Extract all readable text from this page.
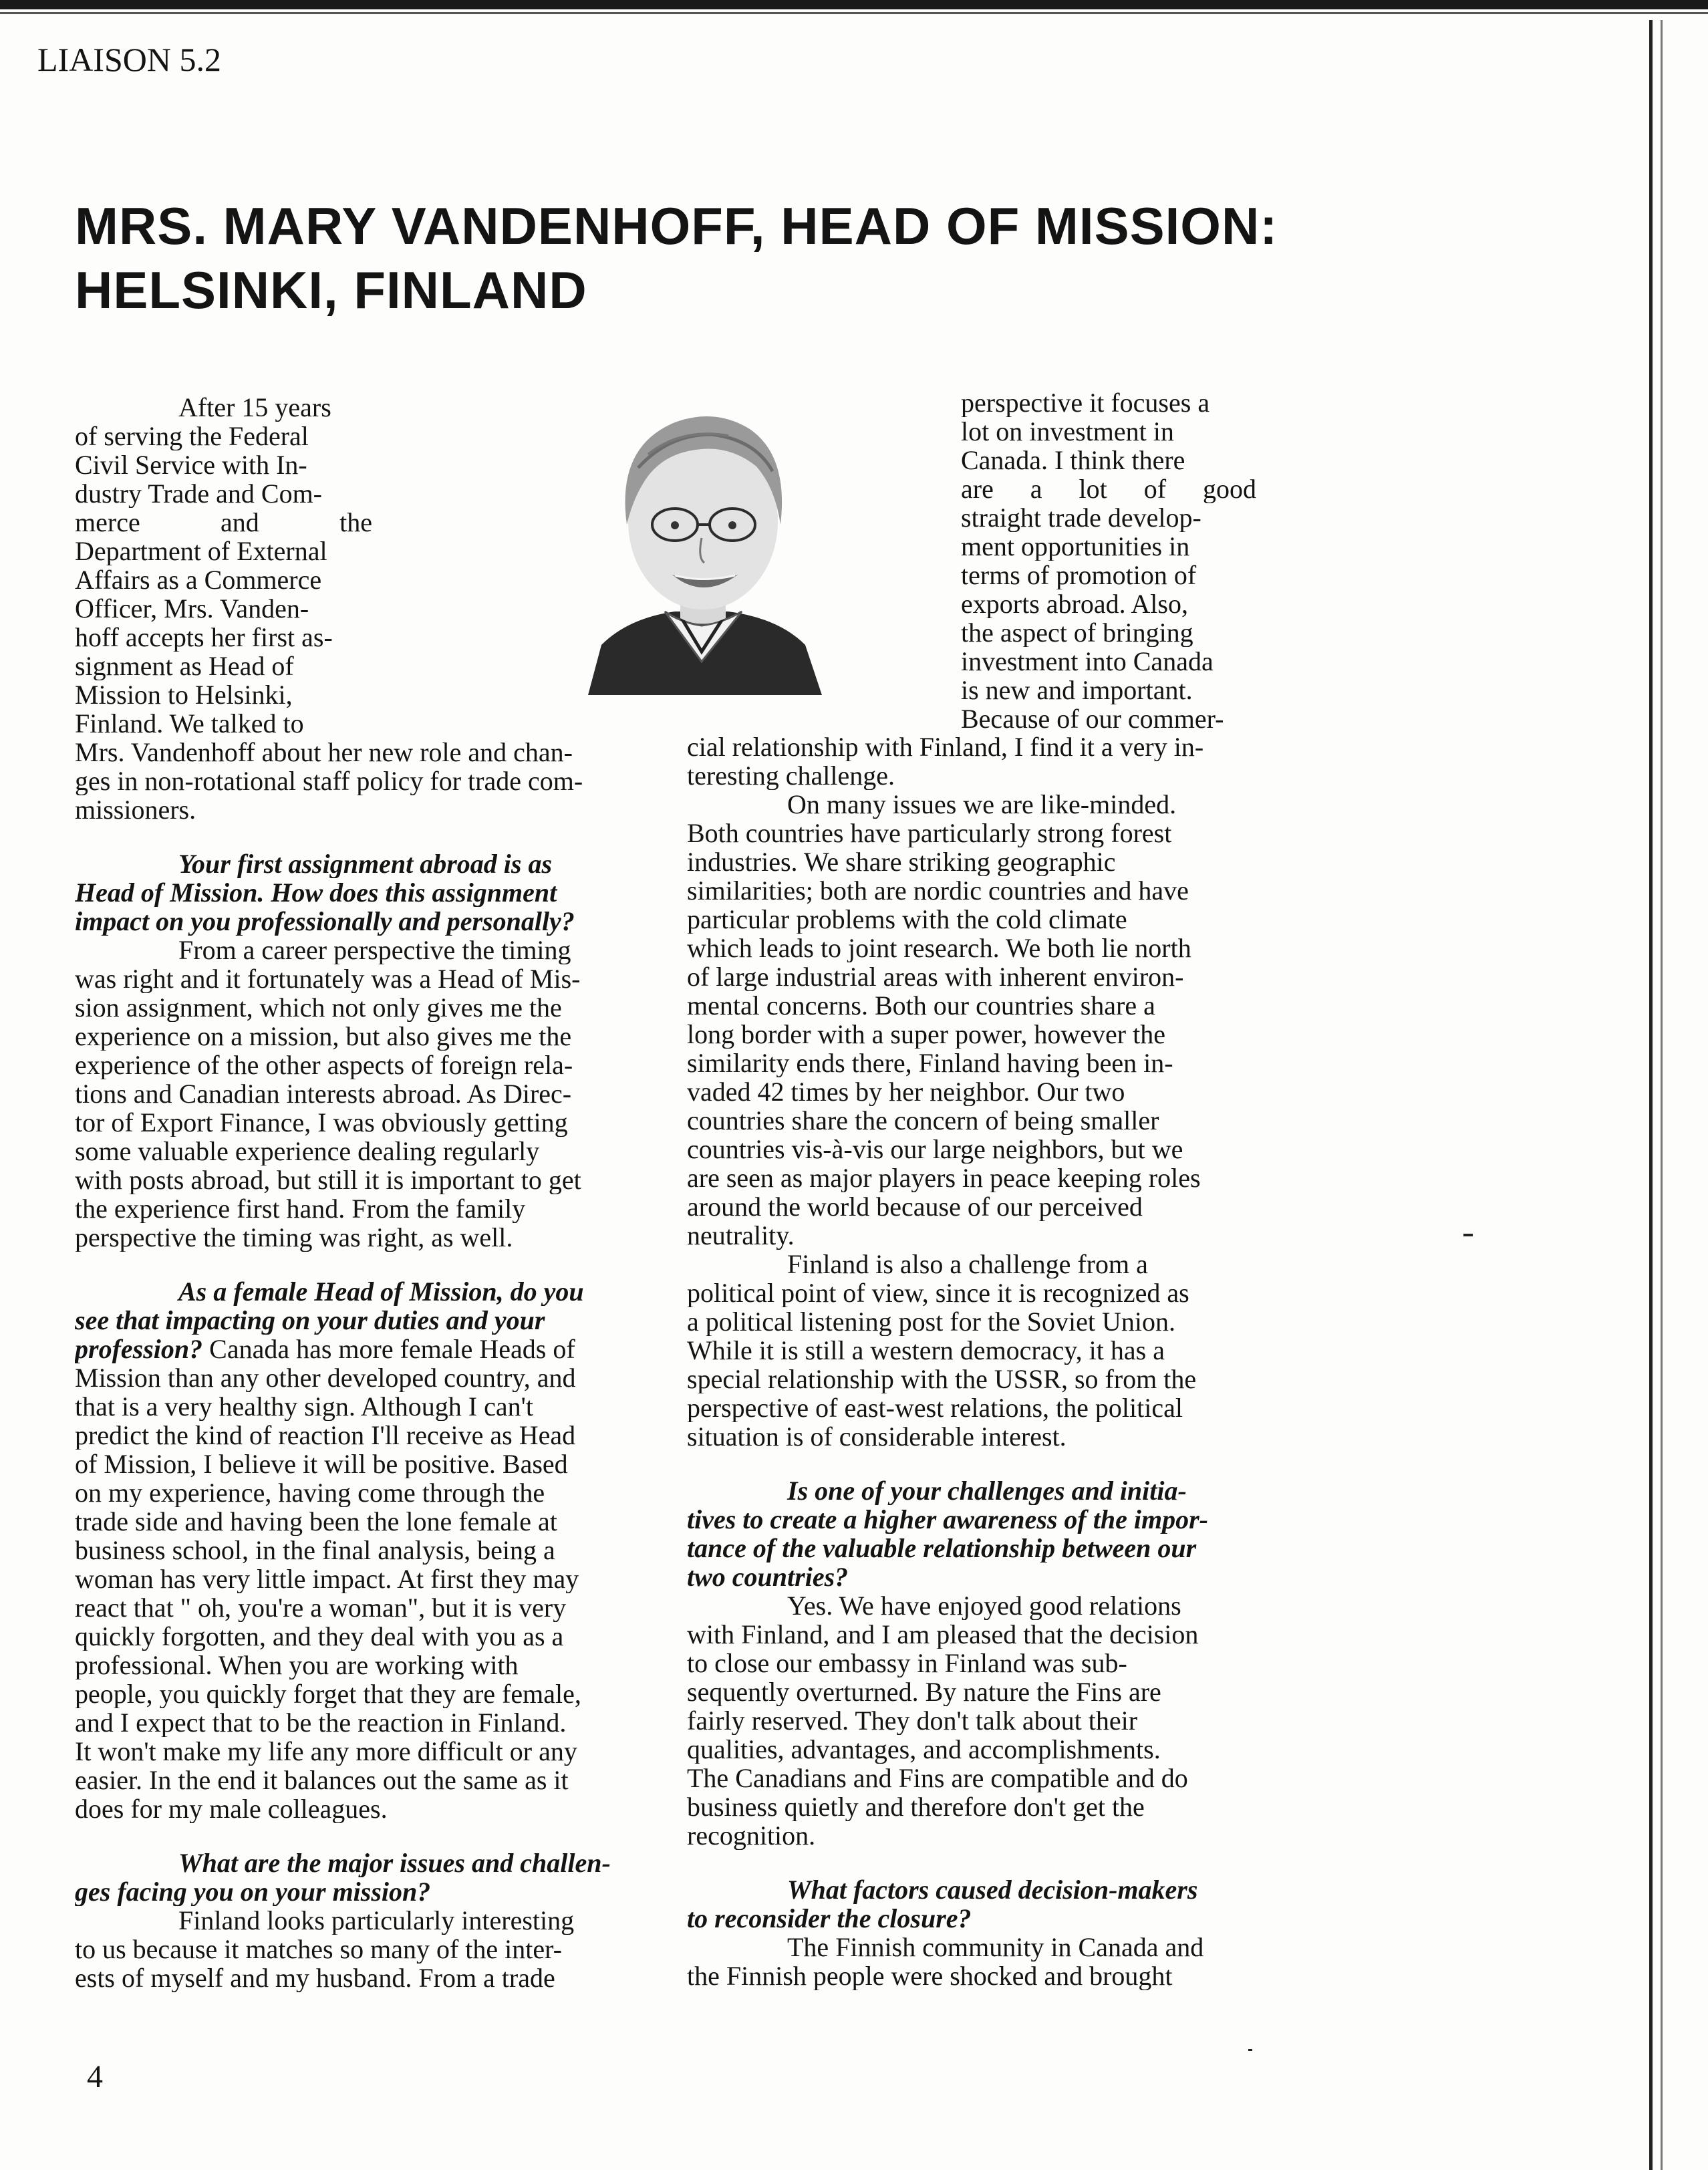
LIAISON 5.2
MRS. MARY VANDENHOFF, HEAD OF MISSION:
HELSINKI, FINLAND
After 15 years
of serving the Federal
Civil Service with In-
dustry Trade and Com-
merce and the
Department of External
Affairs as a Commerce
Officer, Mrs. Vanden-
hoff accepts her first as-
signment as Head of
Mission to Helsinki,
Finland. We talked to
Mrs. Vandenhoff about her new role and chan-
ges in non-rotational staff policy for trade com-
missioners.
Your first assignment abroad is as
Head of Mission. How does this assignment
impact on you professionally and personally?
From a career perspective the timing
was right and it fortunately was a Head of Mis-
sion assignment, which not only gives me the
experience on a mission, but also gives me the
experience of the other aspects of foreign rela-
tions and Canadian interests abroad. As Direc-
tor of Export Finance, I was obviously getting
some valuable experience dealing regularly
with posts abroad, but still it is important to get
the experience first hand. From the family
perspective the timing was right, as well.
As a female Head of Mission, do you
see that impacting on your duties and your
profession? Canada has more female Heads of
Mission than any other developed country, and
that is a very healthy sign. Although I can't
predict the kind of reaction I'll receive as Head
of Mission, I believe it will be positive. Based
on my experience, having come through the
trade side and having been the lone female at
business school, in the final analysis, being a
woman has very little impact. At first they may
react that " oh, you're a woman", but it is very
quickly forgotten, and they deal with you as a
professional. When you are working with
people, you quickly forget that they are female,
and I expect that to be the reaction in Finland.
It won't make my life any more difficult or any
easier. In the end it balances out the same as it
does for my male colleagues.
What are the major issues and challen-
ges facing you on your mission?
Finland looks particularly interesting
to us because it matches so many of the inter-
ests of myself and my husband. From a trade
perspective it focuses a
lot on investment in
Canada. I think there
are a lot of good
straight trade develop-
ment opportunities in
terms of promotion of
exports abroad. Also,
the aspect of bringing
investment into Canada
is new and important.
Because of our commer-
cial relationship with Finland, I find it a very in-
teresting challenge.
On many issues we are like-minded.
Both countries have particularly strong forest
industries. We share striking geographic
similarities; both are nordic countries and have
particular problems with the cold climate
which leads to joint research. We both lie north
of large industrial areas with inherent environ-
mental concerns. Both our countries share a
long border with a super power, however the
similarity ends there, Finland having been in-
vaded 42 times by her neighbor. Our two
countries share the concern of being smaller
countries vis-à-vis our large neighbors, but we
are seen as major players in peace keeping roles
around the world because of our perceived
neutrality.
Finland is also a challenge from a
political point of view, since it is recognized as
a political listening post for the Soviet Union.
While it is still a western democracy, it has a
special relationship with the USSR, so from the
perspective of east-west relations, the political
situation is of considerable interest.
Is one of your challenges and initia-
tives to create a higher awareness of the impor-
tance of the valuable relationship between our
two countries?
Yes. We have enjoyed good relations
with Finland, and I am pleased that the decision
to close our embassy in Finland was sub-
sequently overturned. By nature the Fins are
fairly reserved. They don't talk about their
qualities, advantages, and accomplishments.
The Canadians and Fins are compatible and do
business quietly and therefore don't get the
recognition.
What factors caused decision-makers
to reconsider the closure?
The Finnish community in Canada and
the Finnish people were shocked and brought
4
